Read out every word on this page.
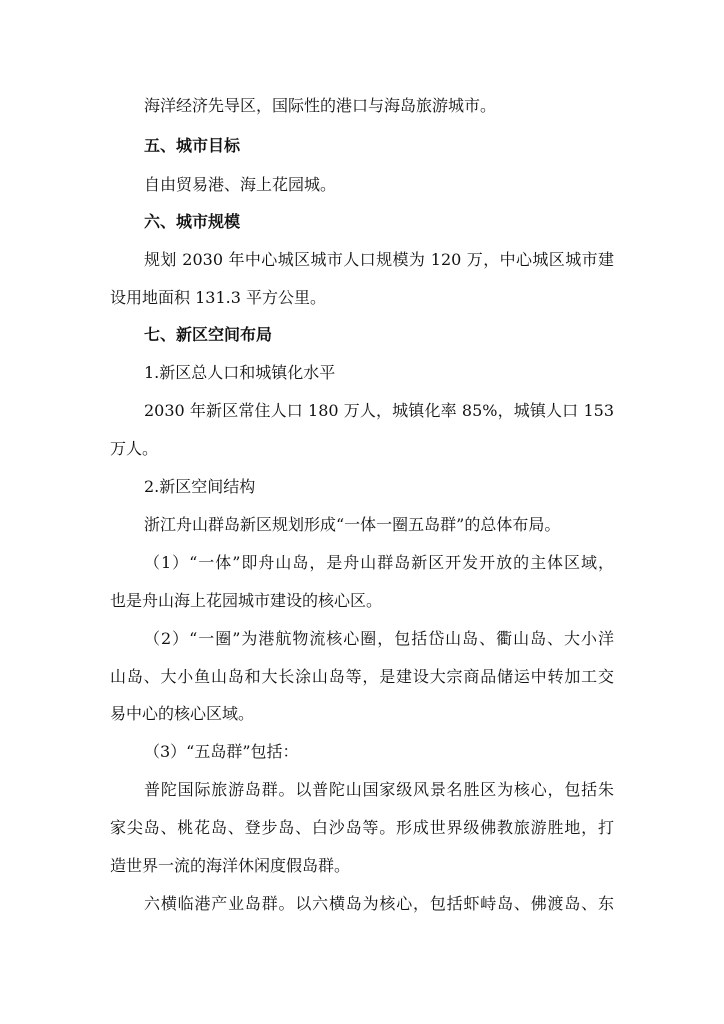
海洋经济先导区，国际性的港口与海岛旅游城市。
五、城市目标
自由贸易港、海上花园城。
六、城市规模
规划 2030 年中心城区城市人口规模为 120 万，中心城区城市建
设用地面积 131.3 平方公里。
七、新区空间布局
1.新区总人口和城镇化水平
2030 年新区常住人口 180 万人，城镇化率 85%，城镇人口 153
万人。
2.新区空间结构
浙江舟山群岛新区规划形成“一体一圈五岛群”的总体布局。
（1）“一体”即舟山岛，是舟山群岛新区开发开放的主体区域，
也是舟山海上花园城市建设的核心区。
（2）“一圈”为港航物流核心圈，包括岱山岛、衢山岛、大小洋
山岛、大小鱼山岛和大长涂山岛等，是建设大宗商品储运中转加工交
易中心的核心区域。
（3）“五岛群”包括：
普陀国际旅游岛群。以普陀山国家级风景名胜区为核心，包括朱
家尖岛、桃花岛、登步岛、白沙岛等。形成世界级佛教旅游胜地，打
造世界一流的海洋休闲度假岛群。
六横临港产业岛群。以六横岛为核心，包括虾峙岛、佛渡岛、东
